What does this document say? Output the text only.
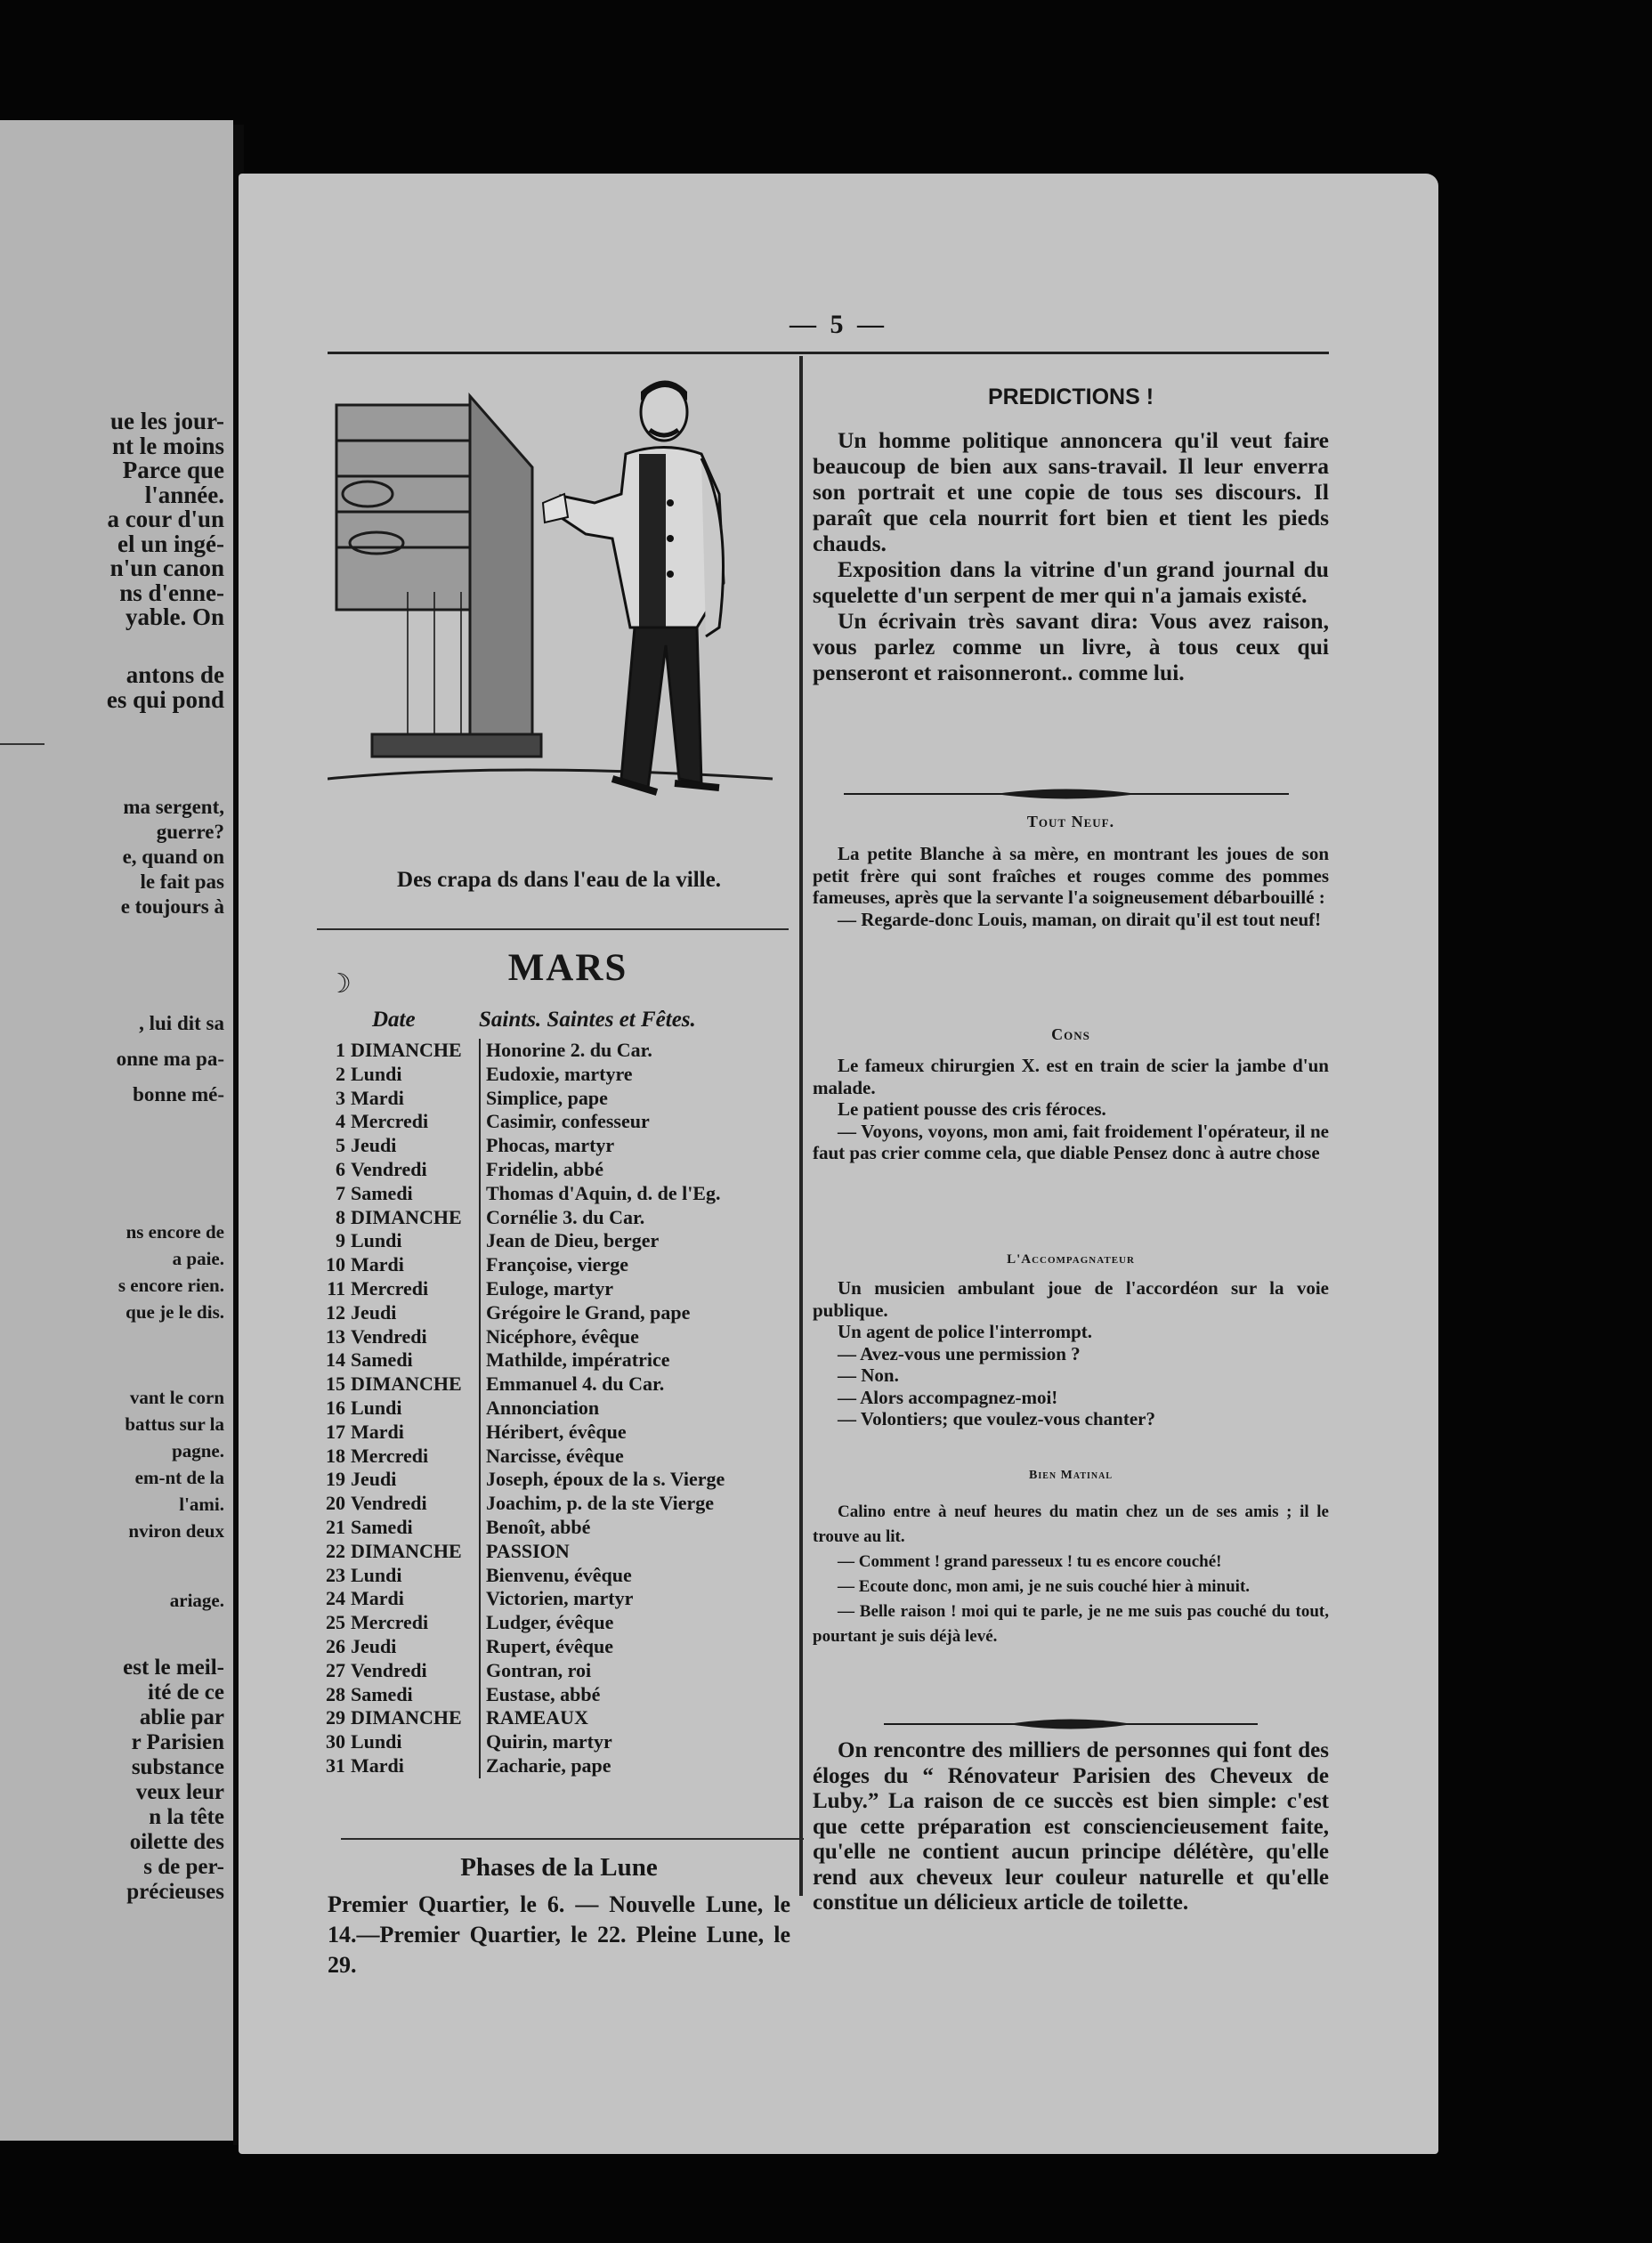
ue les jour-
nt le moins
Parce que
l'année.
a cour d'un
el un ingé-
n'un canon
ns d'enne-
yable. On
antons de
es qui pond
ma sergent,
guerre?
e, quand on
le fait pas
e toujours à
, lui dit sa
onne ma pa-
bonne mé-
ns encore de
a paie.
s encore rien.
que je le dis.
vant le corn
battus sur la
pagne.
em-nt de la
l'ami.
nviron deux
ariage.
est le meil-
ité de ce
ablie par
r Parisien
substance
veux leur
n la tête
oilette des
s de per-
précieuses
— 5 —
Des crapa ds dans l'eau de la ville.
☽	MARS
Date	Saints. Saintes et Fêtes.
1 DIMANCHE Honorine 2. du Car.
2 Lundi	Eudoxie, martyre
3 Mardi	Simplice, pape
4 Mercredi	Casimir, confesseur
5 Jeudi	Phocas, martyr
6 Vendredi	Fridelin, abbé
7 Samedi	Thomas d'Aquin, d. de l'Eg.
8 DIMANCHE Cornélie 3. du Car.
9 Lundi	Jean de Dieu, berger
10 Mardi	Françoise, vierge
11 Mercredi	Euloge, martyr
12 Jeudi	Grégoire le Grand, pape
13 Vendredi	Nicéphore, évêque
14 Samedi	Mathilde, impératrice
15 DIMANCHE Emmanuel 4. du Car.
16 Lundi	Annonciation
17 Mardi	Héribert, évêque
18 Mercredi	Narcisse, évêque
19 Jeudi	Joseph, époux de la s. Vierge
20 Vendredi	Joachim, p. de la ste Vierge
21 Samedi	Benoît, abbé
22 DIMANCHE PASSION
23 Lundi	Bienvenu, évêque
24 Mardi	Victorien, martyr
25 Mercredi	Ludger, évêque
26 Jeudi	Rupert, évêque
27 Vendredi	Gontran, roi
28 Samedi	Eustase, abbé
29 DIMANCHE RAMEAUX
30 Lundi	Quirin, martyr
31 Mardi	Zacharie, pape
Phases de la Lune
Premier Quartier, le 6. — Nouvelle Lune, le 14.—Premier Quartier, le 22. Pleine Lune, le 29.
PREDICTIONS !

Un homme politique annoncera qu'il veut faire beaucoup de bien aux sans-travail. Il leur enverra son portrait et une copie de tous ses discours. Il paraît que cela nourrit fort bien et tient les pieds chauds.

Exposition dans la vitrine d'un grand journal du squelette d'un serpent de mer qui n'a jamais existé.

Un écrivain très savant dira: Vous avez raison, vous parlez comme un livre, à tous ceux qui penseront et raisonneront.. comme lui.

Tout Neuf.

La petite Blanche à sa mère, en montrant les joues de son petit frère qui sont fraîches et rouges comme des pommes fameuses, après que la servante l'a soigneusement débarbouillé :

— Regarde-donc Louis, maman, on dirait qu'il est tout neuf!

Cons

Le fameux chirurgien X. est en train de scier la jambe d'un malade.

Le patient pousse des cris féroces.

— Voyons, voyons, mon ami, fait froidement l'opérateur, il ne faut pas crier comme cela, que diable Pensez donc à autre chose

L'Accompagnateur

Un musicien ambulant joue de l'accordéon sur la voie publique.

Un agent de police l'interrompt.

— Avez-vous une permission ?

— Non.

— Alors accompagnez-moi!

— Volontiers; que voulez-vous chanter?

Bien Matinal

Calino entre à neuf heures du matin chez un de ses amis ; il le trouve au lit.

— Comment ! grand paresseux ! tu es encore couché!

— Ecoute donc, mon ami, je ne suis couché hier à minuit.

— Belle raison ! moi qui te parle, je ne me suis pas couché du tout, pourtant je suis déjà levé.

On rencontre des milliers de personnes qui font des éloges du “ Rénovateur Parisien des Cheveux de Luby.” La raison de ce succès est bien simple: c'est que cette préparation est consciencieusement faite, qu'elle ne contient aucun principe délétère, qu'elle rend aux cheveux leur couleur naturelle et qu'elle constitue un délicieux article de toilette.
